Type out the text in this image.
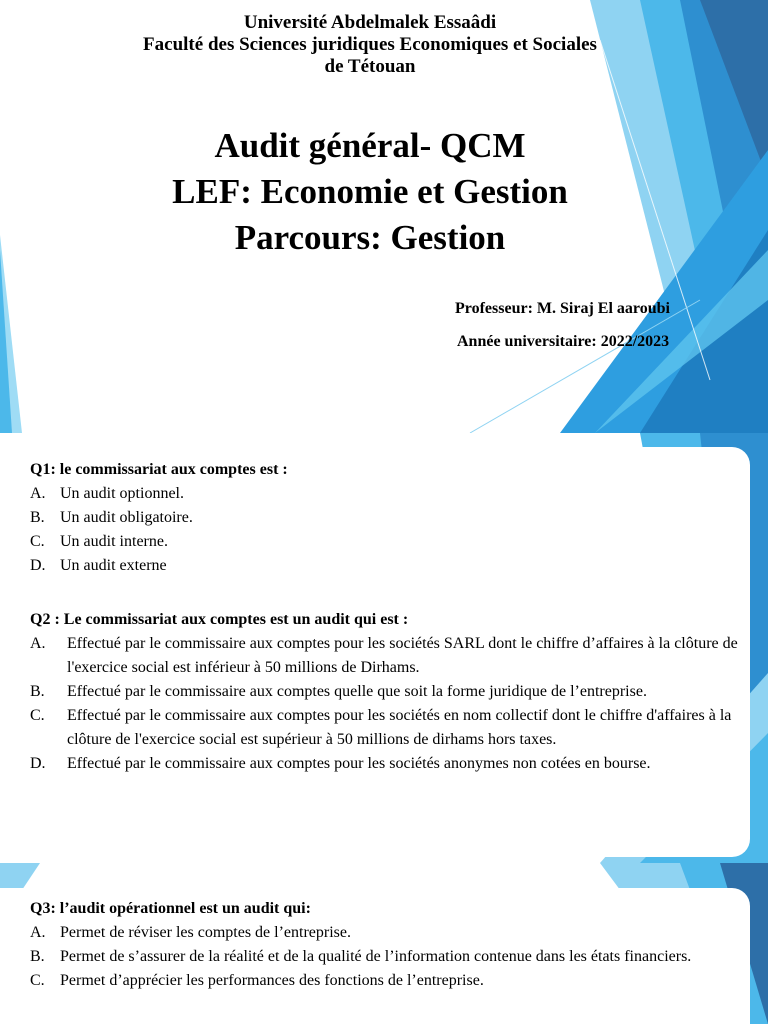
Université Abdelmalek Essaâdi
Faculté des Sciences juridiques Economiques et Sociales
de Tétouan
Audit général- QCM
LEF: Economie et Gestion
Parcours: Gestion
Professeur: M. Siraj El aaroubi
Année universitaire: 2022/2023
Q1: le commissariat aux comptes est :
A. Un audit optionnel.
B. Un audit obligatoire.
C. Un audit interne.
D. Un audit externe
Q2 : Le commissariat aux comptes est un audit qui est :
A.	Effectué par le commissaire aux comptes pour les sociétés SARL dont le chiffre d’affaires à la clôture de l'exercice social est inférieur à 50 millions de Dirhams.
B.	Effectué par le commissaire aux comptes quelle que soit la forme juridique de l’entreprise.
C.	Effectué par le commissaire aux comptes pour les sociétés en nom collectif dont le chiffre d'affaires à la clôture de l'exercice social est supérieur à 50 millions de dirhams hors taxes.
D.	Effectué par le commissaire aux comptes pour les sociétés anonymes non cotées en bourse.
Q3: l’audit opérationnel est un audit qui:
A. Permet de réviser les comptes de l’entreprise.
B. Permet de s’assurer de la réalité et de la qualité de l’information contenue dans les états financiers.
C. Permet d’apprécier les performances des fonctions de l’entreprise.
